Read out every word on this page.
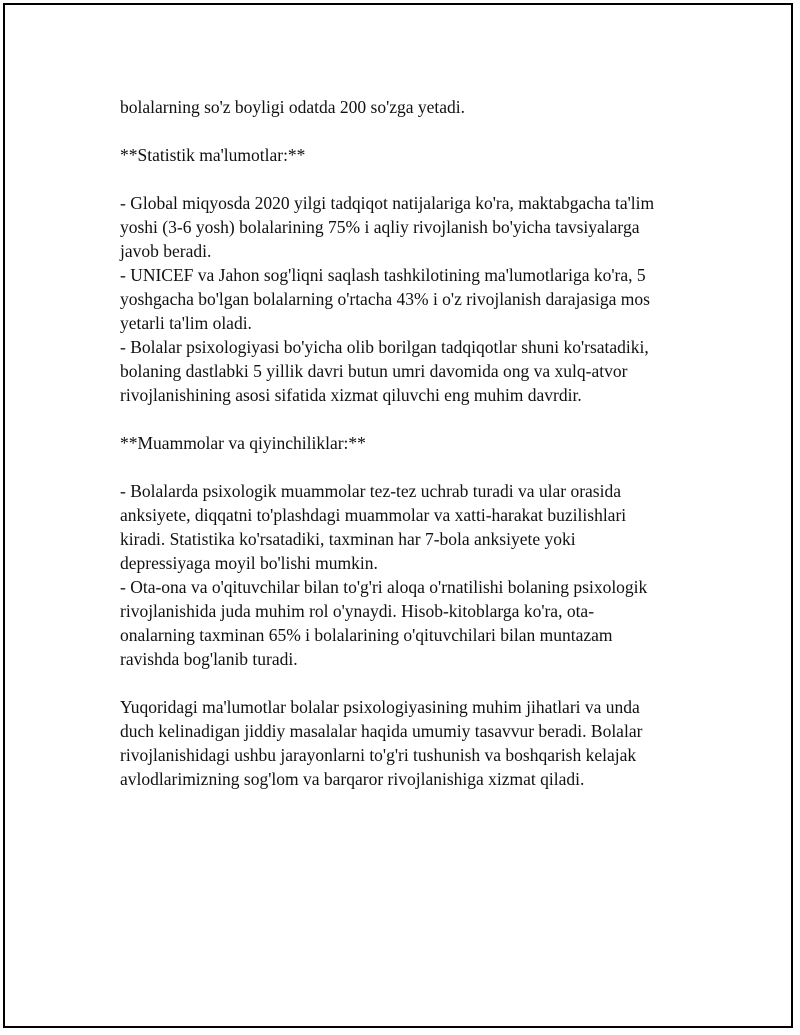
bolalarning so'z boyligi odatda 200 so'zga yetadi.

**Statistik ma'lumotlar:**

- Global miqyosda 2020 yilgi tadqiqot natijalariga ko'ra, maktabgacha ta'lim

yoshi (3-6 yosh) bolalarining 75% i aqliy rivojlanish bo'yicha tavsiyalarga

javob beradi.

- UNICEF va Jahon sog'liqni saqlash tashkilotining ma'lumotlariga ko'ra, 5

yoshgacha bo'lgan bolalarning o'rtacha 43% i o'z rivojlanish darajasiga mos

yetarli ta'lim oladi.

- Bolalar psixologiyasi bo'yicha olib borilgan tadqiqotlar shuni ko'rsatadiki,

bolaning dastlabki 5 yillik davri butun umri davomida ong va xulq-atvor

rivojlanishining asosi sifatida xizmat qiluvchi eng muhim davrdir.

**Muammolar va qiyinchiliklar:**

- Bolalarda psixologik muammolar tez-tez uchrab turadi va ular orasida

anksiyete, diqqatni to'plashdagi muammolar va xatti-harakat buzilishlari

kiradi. Statistika ko'rsatadiki, taxminan har 7-bola anksiyete yoki

depressiyaga moyil bo'lishi mumkin.

- Ota-ona va o'qituvchilar bilan to'g'ri aloqa o'rnatilishi bolaning psixologik

rivojlanishida juda muhim rol o'ynaydi. Hisob-kitoblarga ko'ra, ota-

onalarning taxminan 65% i bolalarining o'qituvchilari bilan muntazam

ravishda bog'lanib turadi.

Yuqoridagi ma'lumotlar bolalar psixologiyasining muhim jihatlari va unda

duch kelinadigan jiddiy masalalar haqida umumiy tasavvur beradi. Bolalar

rivojlanishidagi ushbu jarayonlarni to'g'ri tushunish va boshqarish kelajak

avlodlarimizning sog'lom va barqaror rivojlanishiga xizmat qiladi.
